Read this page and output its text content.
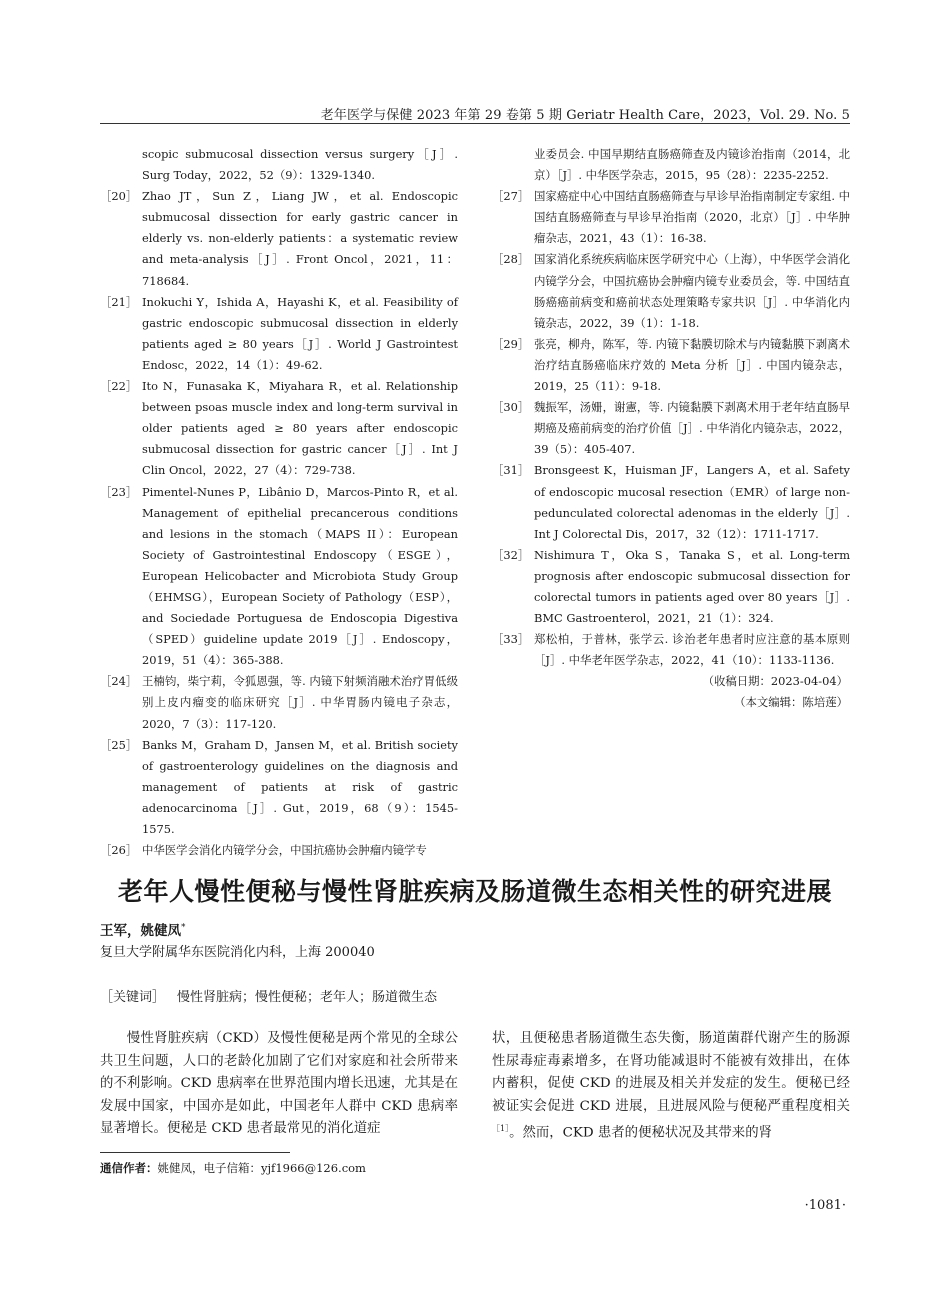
老年医学与保健 2023 年第 29 卷第 5 期 Geriatr Health Care，2023，Vol. 29. No. 5
scopic submucosal dissection versus surgery［J］. Surg Today，2022，52（9）：1329-1340.
［20］ Zhao JT，Sun Z，Liang JW，et al. Endoscopic submucosal dissection for early gastric cancer in elderly vs. non-elderly patients：a systematic review and meta-analysis［J］. Front Oncol，2021，11：718684.
［21］ Inokuchi Y，Ishida A，Hayashi K，et al. Feasibility of gastric endoscopic submucosal dissection in elderly patients aged ≥ 80 years［J］. World J Gastrointest Endosc，2022，14（1）：49-62.
［22］ Ito N，Funasaka K，Miyahara R，et al. Relationship between psoas muscle index and long-term survival in older patients aged ≥ 80 years after endoscopic submucosal dissection for gastric cancer［J］. Int J Clin Oncol，2022，27（4）：729-738.
［23］ Pimentel-Nunes P，Libânio D，Marcos-Pinto R，et al. Management of epithelial precancerous conditions and lesions in the stomach（MAPS II）：European Society of Gastrointestinal Endoscopy（ESGE），European Helicobacter and Microbiota Study Group（EHMSG），European Society of Pathology（ESP），and Sociedade Portuguesa de Endoscopia Digestiva（SPED）guideline update 2019［J］. Endoscopy，2019，51（4）：365-388.
［24］ 王楠钧，柴宁莉，令狐恩强，等. 内镜下射频消融术治疗胃低级别上皮内瘤变的临床研究［J］. 中华胃肠内镜电子杂志，2020，7（3）：117-120.
［25］ Banks M，Graham D，Jansen M，et al. British society of gastroenterology guidelines on the diagnosis and management of patients at risk of gastric adenocarcinoma［J］. Gut，2019，68（9）：1545-1575.
［26］ 中华医学会消化内镜学分会，中国抗癌协会肿瘤内镜学专
业委员会. 中国早期结直肠癌筛查及内镜诊治指南（2014，北京）［J］. 中华医学杂志，2015，95（28）：2235-2252.
［27］ 国家癌症中心中国结直肠癌筛查与早诊早治指南制定专家组. 中国结直肠癌筛查与早诊早治指南（2020，北京）［J］. 中华肿瘤杂志，2021，43（1）：16-38.
［28］ 国家消化系统疾病临床医学研究中心（上海），中华医学会消化内镜学分会，中国抗癌协会肿瘤内镜专业委员会，等. 中国结直肠癌癌前病变和癌前状态处理策略专家共识［J］. 中华消化内镜杂志，2022，39（1）：1-18.
［29］ 张亮，柳舟，陈军，等. 内镜下黏膜切除术与内镜黏膜下剥离术治疗结直肠癌临床疗效的 Meta 分析［J］. 中国内镜杂志，2019，25（11）：9-18.
［30］ 魏振军，汤姗，谢憲，等. 内镜黏膜下剥离术用于老年结直肠早期癌及癌前病变的治疗价值［J］. 中华消化内镜杂志，2022，39（5）：405-407.
［31］ Bronsgeest K，Huisman JF，Langers A，et al. Safety of endoscopic mucosal resection（EMR）of large non-pedunculated colorectal adenomas in the elderly［J］. Int J Colorectal Dis，2017，32（12）：1711-1717.
［32］ Nishimura T，Oka S，Tanaka S，et al. Long-term prognosis after endoscopic submucosal dissection for colorectal tumors in patients aged over 80 years［J］. BMC Gastroenterol，2021，21（1）：324.
［33］ 郑松柏，于普林，张学云. 诊治老年患者时应注意的基本原则［J］. 中华老年医学杂志，2022，41（10）：1133-1136.
（收稿日期：2023-04-04）
（本文编辑：陈培莲）
老年人慢性便秘与慢性肾脏疾病及肠道微生态相关性的研究进展
王军，姚健凤*
复旦大学附属华东医院消化内科，上海 200040
［关键词］ 慢性肾脏病；慢性便秘；老年人；肠道微生态
慢性肾脏疾病（CKD）及慢性便秘是两个常见的全球公共卫生问题，人口的老龄化加剧了它们对家庭和社会所带来的不利影响。CKD 患病率在世界范围内增长迅速，尤其是在发展中国家，中国亦是如此，中国老年人群中 CKD 患病率显著增长。便秘是 CKD 患者最常见的消化道症
状，且便秘患者肠道微生态失衡，肠道菌群代谢产生的肠源性尿毒症毒素增多，在肾功能减退时不能被有效排出，在体内蓄积，促使 CKD 的进展及相关并发症的发生。便秘已经被证实会促进 CKD 进展，且进展风险与便秘严重程度相关$^{[1]}$。然而，CKD 患者的便秘状况及其带来的肾
通信作者：姚健凤，电子信箱：yjf1966@126.com
·1081·
